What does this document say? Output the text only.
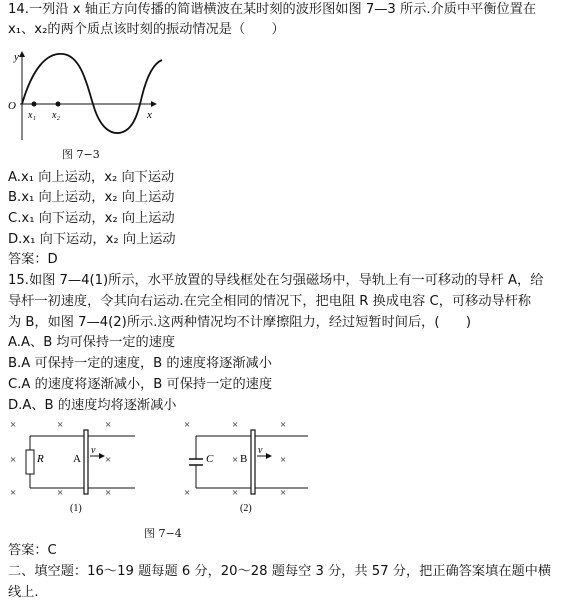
14.一列沿 x 轴正方向传播的简谐横波在某时刻的波形图如图 7—3 所示.介质中平衡位置在
x₁、x₂的两个质点该时刻的振动情况是（　　）
O
y
x
x₁ x₂
图 7−3
A.x₁ 向上运动，x₂ 向下运动
B.x₁ 向上运动，x₂ 向上运动
C.x₁ 向下运动，x₂ 向上运动
D.x₁ 向下运动，x₂ 向上运动
答案：D
15.如图 7—4(1)所示，水平放置的导线框处在匀强磁场中，导轨上有一可移动的导杆 A，给
导杆一初速度，令其向右运动.在完全相同的情况下，把电阻 R 换成电容 C，可移动导杆称
为 B，如图 7—4(2)所示.这两种情况均不计摩擦阻力，经过短暂时间后，(　　)
A.A、B 均可保持一定的速度
B.A 可保持一定的速度，B 的速度将逐渐减小
C.A 的速度将逐渐减小，B 可保持一定的速度
D.A、B 的速度均将逐渐减小
×	×	×
×	×
×	×	×
×	×	×
×	×
×	×	×
R	A
v
C B
v
(1)	(2)
图 7−4
答案：C
二、填空题：16～19 题每题 6 分，20～28 题每空 3 分，共 57 分，把正确答案填在题中横
线上.
